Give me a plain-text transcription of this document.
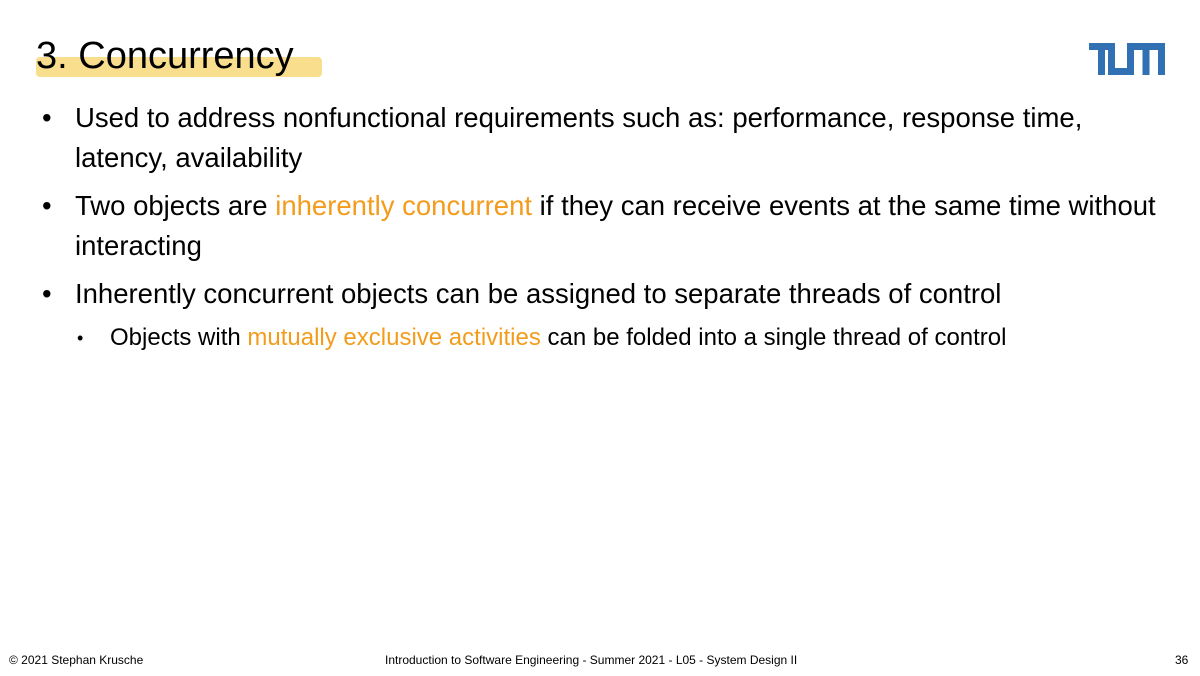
3. Concurrency
• Used to address nonfunctional requirements such as: performance, response time, latency, availability
• Two objects are inherently concurrent if they can receive events at the same time without interacting
• Inherently concurrent objects can be assigned to separate threads of control
• Objects with mutually exclusive activities can be folded into a single thread of control
© 2021 Stephan Krusche	Introduction to Software Engineering - Summer 2021 - L05 - System Design II	36
